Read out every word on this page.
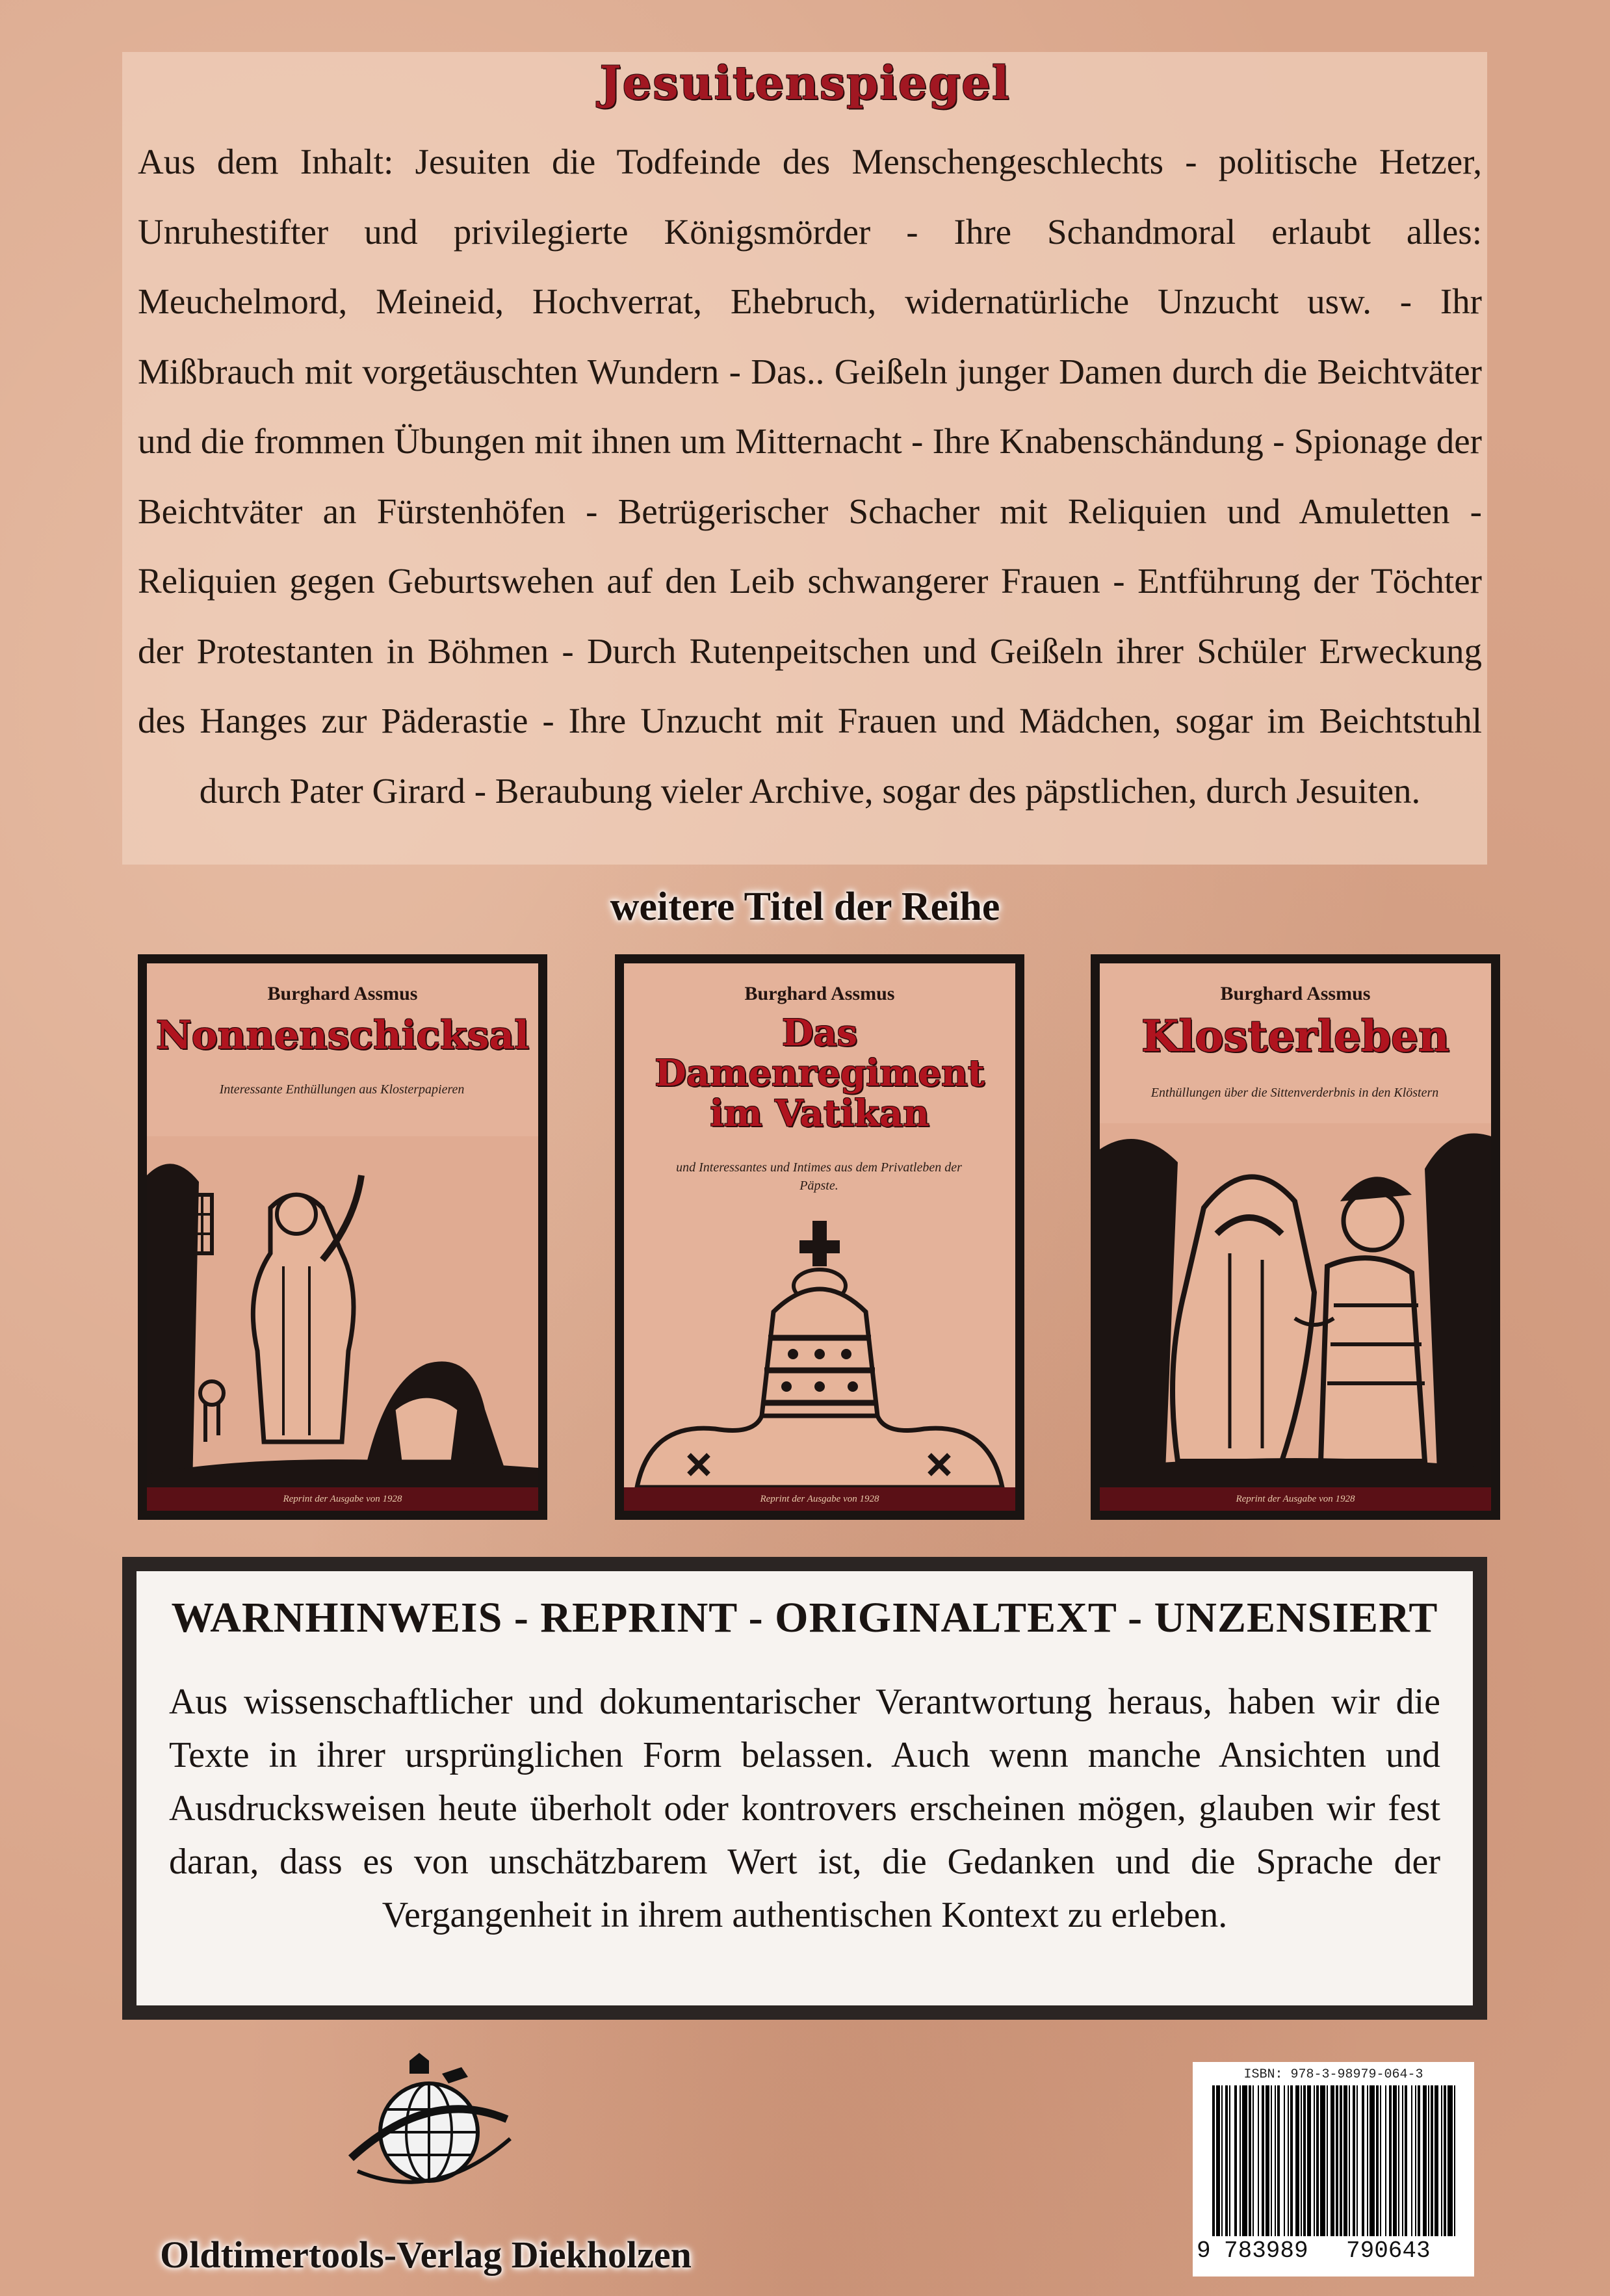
Jesuitenspiegel

Aus dem Inhalt: Jesuiten die Todfeinde des Menschengeschlechts - politische Hetzer, Unruhestifter und privilegierte Königsmörder - Ihre Schandmoral erlaubt alles: Meuchelmord, Meineid, Hochverrat, Ehebruch, widernatürliche Unzucht usw. - Ihr Mißbrauch mit vorgetäuschten Wundern - Das.. Geißeln junger Damen durch die Beichtväter und die frommen Übungen mit ihnen um Mitternacht - Ihre Knabenschändung - Spionage der Beichtväter an Fürstenhöfen - Betrügerischer Schacher mit Reliquien und Amuletten - Reliquien gegen Geburtswehen auf den Leib schwangerer Frauen - Entführung der Töchter der Protestanten in Böhmen - Durch Rutenpeitschen und Geißeln ihrer Schüler Erweckung des Hanges zur Päderastie - Ihre Unzucht mit Frauen und Mädchen, sogar im Beichtstuhl durch Pater Girard - Beraubung vieler Archive, sogar des päpstlichen, durch Jesuiten.

weitere Titel der Reihe
Burghard Assmus
Nonnenschicksal
Interessante Enthüllungen aus Klosterpapieren
Reprint der Ausgabe von 1928
Burghard Assmus
Das
Damenregiment
im Vatikan
und Interessantes und Intimes aus dem Privatleben der Päpste.
Reprint der Ausgabe von 1928
Burghard Assmus
Klosterleben
Enthüllungen über die Sittenverderbnis in den Klöstern
Reprint der Ausgabe von 1928
WARNHINWEIS - REPRINT - ORIGINALTEXT - UNZENSIERT

Aus wissenschaftlicher und dokumentarischer Verantwortung heraus, haben wir die Texte in ihrer ursprünglichen Form belassen. Auch wenn manche Ansichten und Ausdrucksweisen heute überholt oder kontrovers erscheinen mögen, glauben wir fest daran, dass es von unschätzbarem Wert ist, die Gedanken und die Sprache der Vergangenheit in ihrem authentischen Kontext zu erleben.

Oldtimertools-Verlag Diekholzen
ISBN: 978-3-98979-064-3
9 783989 790643
